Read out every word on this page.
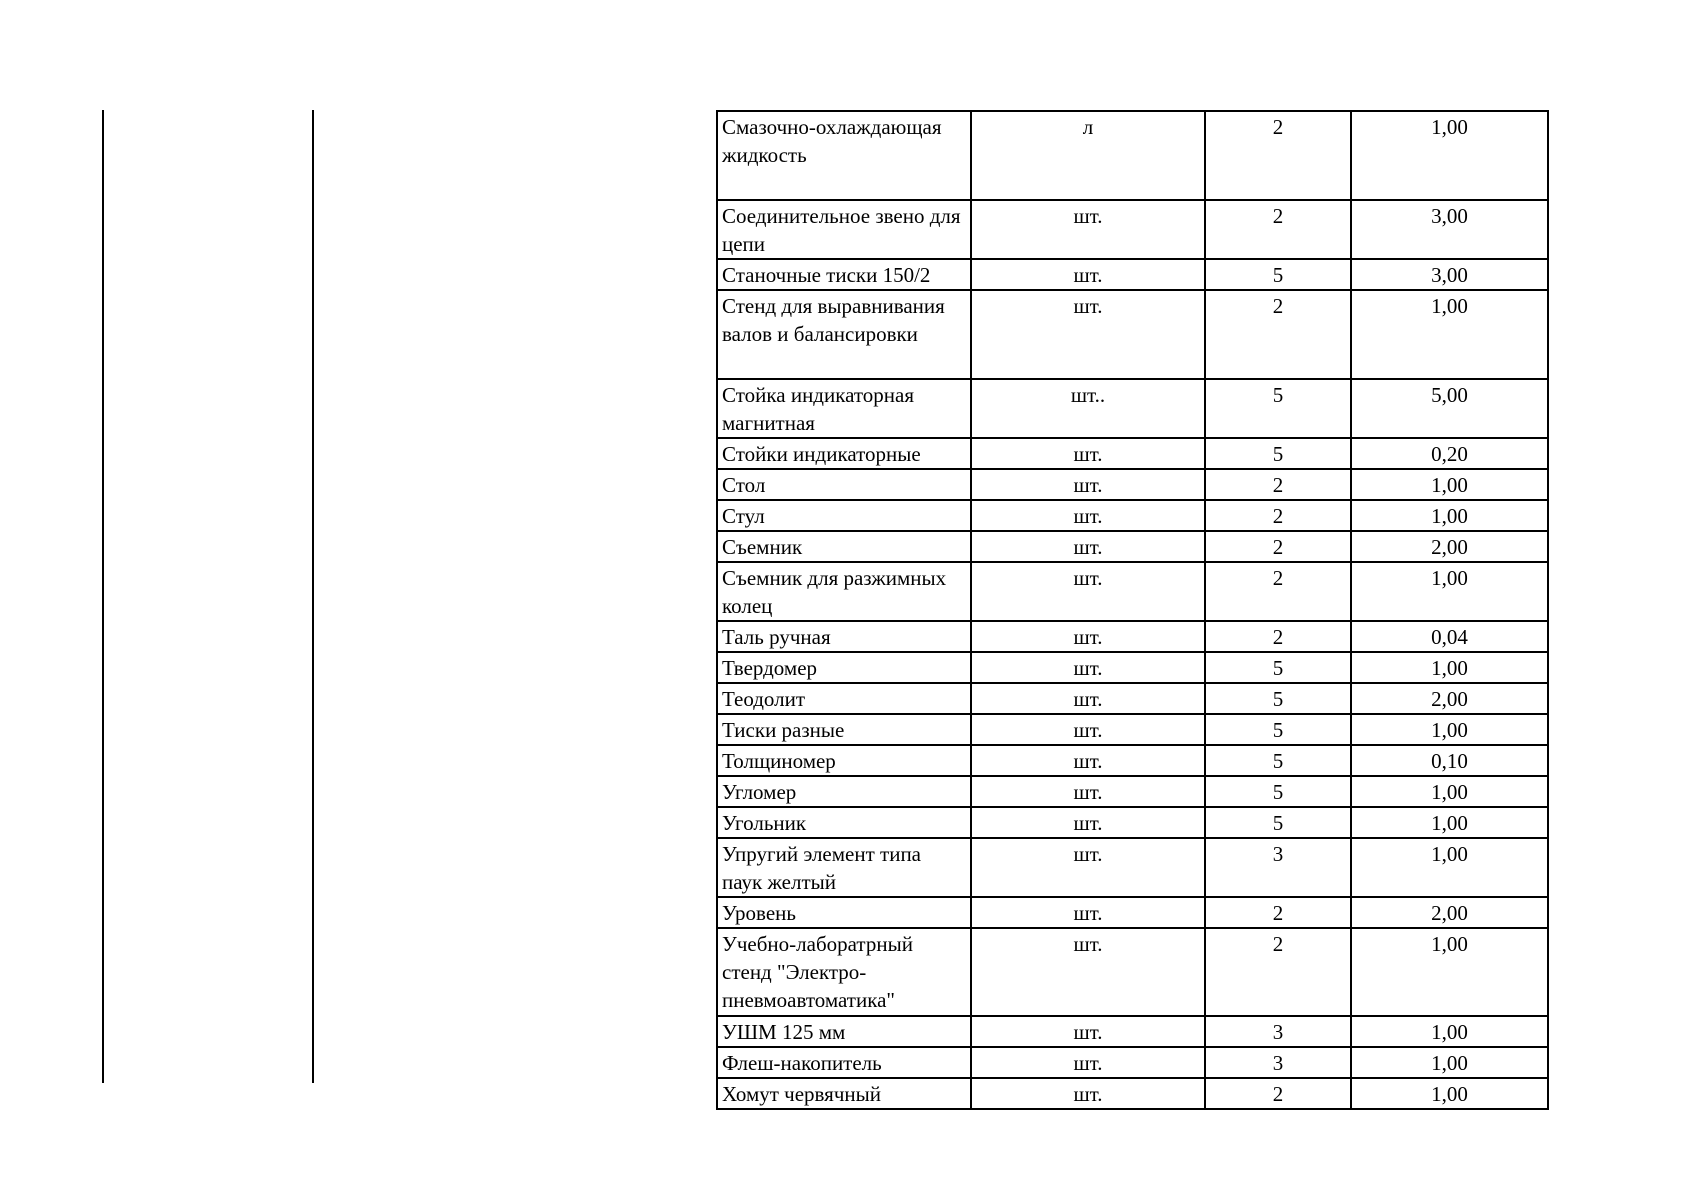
Смазочно-охлаждающая жидкость	л	2	1,00
Соединительное звено для цепи	шт.	2	3,00
Станочные тиски 150/2	шт.	5	3,00
Стенд для выравнивания валов и балансировки	шт.	2	1,00
Стойка индикаторная магнитная	шт..	5	5,00
Стойки индикаторные	шт.	5	0,20
Стол	шт.	2	1,00
Стул	шт.	2	1,00
Съемник	шт.	2	2,00
Съемник для разжимных колец	шт.	2	1,00
Таль ручная	шт.	2	0,04
Твердомер	шт.	5	1,00
Теодолит	шт.	5	2,00
Тиски разные	шт.	5	1,00
Толщиномер	шт.	5	0,10
Угломер	шт.	5	1,00
Угольник	шт.	5	1,00
Упругий элемент типа паук желтый	шт.	3	1,00
Уровень	шт.	2	2,00
Учебно-лаборатрный стенд "Электро-пневмоавтоматика"	шт.	2	1,00
УШМ 125 мм	шт.	3	1,00
Флеш-накопитель	шт.	3	1,00
Хомут червячный	шт.	2	1,00
